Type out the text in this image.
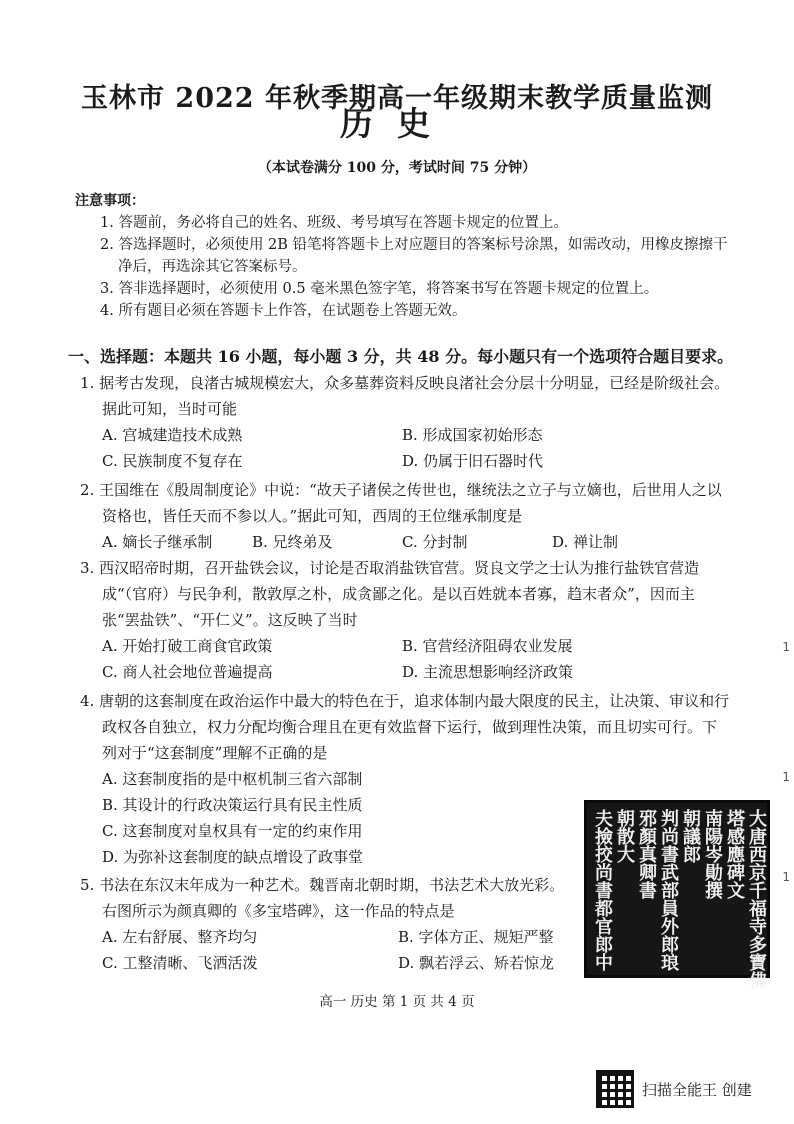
玉林市 2022 年秋季期高一年级期末教学质量监测
历史
（本试卷满分 100 分，考试时间 75 分钟）
注意事项：

1. 答题前，务必将自己的姓名、班级、考号填写在答题卡规定的位置上。

2. 答选择题时，必须使用 2B 铅笔将答题卡上对应题目的答案标号涂黑，如需改动，用橡皮擦擦干净后，再选涂其它答案标号。

3. 答非选择题时，必须使用 0.5 毫米黑色签字笔，将答案书写在答题卡规定的位置上。

4. 所有题目必须在答题卡上作答，在试题卷上答题无效。

一、选择题：本题共 16 小题，每小题 3 分，共 48 分。每小题只有一个选项符合题目要求。

1. 据考古发现，良渚古城规模宏大，众多墓葬资料反映良渚社会分层十分明显，已经是阶级社会。据此可知，当时可能

A. 宫城建造技术成熟	B. 形成国家初始形态
C. 民族制度不复存在	D. 仍属于旧石器时代

2. 王国维在《殷周制度论》中说：“故天子诸侯之传世也，继统法之立子与立嫡也，后世用人之以资格也，皆任天而不参以人。”据此可知，西周的王位继承制度是

A. 嫡长子继承制	B. 兄终弟及	C. 分封制	D. 禅让制

3. 西汉昭帝时期，召开盐铁会议，讨论是否取消盐铁官营。贤良文学之士认为推行盐铁官营造成“（官府）与民争利，散敦厚之朴，成贪鄙之化。是以百姓就本者寡，趋末者众”，因而主张“罢盐铁”、“开仁义”。这反映了当时

A. 开始打破工商食官政策	B. 官营经济阻碍农业发展
C. 商人社会地位普遍提高	D. 主流思想影响经济政策

4. 唐朝的这套制度在政治运作中最大的特色在于，追求体制内最大限度的民主，让决策、审议和行政权各自独立，权力分配均衡合理且在更有效监督下运行，做到理性决策，而且切实可行。下列对于“这套制度”理解不正确的是

A. 这套制度指的是中枢机制三省六部制
B. 其设计的行政决策运行具有民主性质
C. 这套制度对皇权具有一定的约束作用
D. 为弥补这套制度的缺点增设了政事堂

5. 书法在东汉末年成为一种艺术。魏晋南北朝时期，书法艺术大放光彩。右图所示为颜真卿的《多宝塔碑》，这一作品的特点是

A. 左右舒展、整齐均匀	B. 字体方正、规矩严整
C. 工整清晰、飞洒活泼	D. 飘若浮云、矫若惊龙	大唐西京千福寺多寶佛
塔感應碑文
南陽岑勛撰
朝議郎
判尚書武部員外郎琅
邪顏真卿書
朝散大
夫撿挍尚書都官郎中
高一 历史 第 1 页 共 4 页
1
1
1
扫描全能王 创建
